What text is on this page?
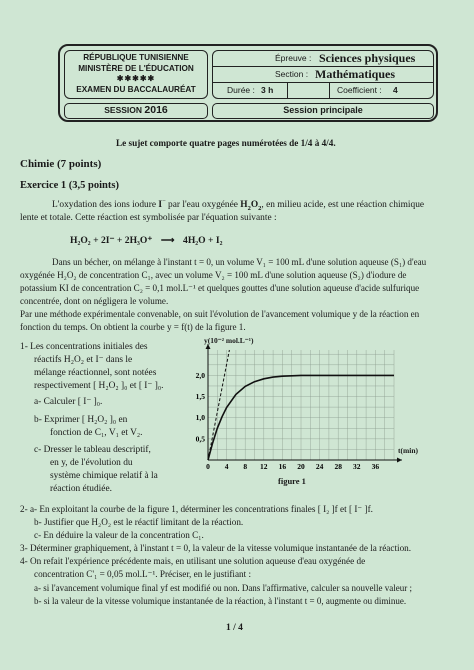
RÉPUBLIQUE TUNISIENNE
MINISTÈRE DE L'ÉDUCATION
✱✱✱✱✱
EXAMEN DU BACCALAURÉAT
Épreuve : Sciences physiques
Section : Mathématiques
Durée : 3 h	Coefficient : 4
SESSION 2016	Session principale
Le sujet comporte quatre pages numérotées de 1/4 à 4/4.
Chimie (7 points)
Exercice 1 (3,5 points)
L'oxydation des ions iodure I− par l'eau oxygénée $H_2O_2$, en milieu acide, est une réaction chimique
lente et totale. Cette réaction est symbolisée par l'équation suivante :
H₂O₂ + 2I⁻ + 2H₃O⁺ ⟶ 4H₂O + I₂
Dans un bécher, on mélange à l'instant t = 0, un volume V₁ = 100 mL d'une solution aqueuse (S₁) d'eau
oxygénée H₂O₂ de concentration C₁, avec un volume V₂ = 100 mL d'une solution aqueuse (S₂) d'iodure de
potassium KI de concentration C₂ = 0,1 mol.L⁻¹ et quelques gouttes d'une solution aqueuse d'acide sulfurique
concentrée, dont on négligera le volume.
Par une méthode expérimentale convenable, on suit l'évolution de l'avancement volumique y de la réaction en
fonction du temps. On obtient la courbe y = f(t) de la figure 1.
1- Les concentrations initiales des
réactifs H₂O₂ et I⁻ dans le
mélange réactionnel, sont notées
respectivement [ H₂O₂ ]₀ et [ I⁻ ]₀.
a- Calculer [ I⁻ ]₀.
b- Exprimer [ H₂O₂ ]₀ en
fonction de C₁, V₁ et V₂.
c- Dresser le tableau descriptif,
en y, de l'évolution du
système chimique relatif à la
réaction étudiée.
0 4 8 12 16 20 24 28 32 36
0,5
1,0
1,5
2,0
y(10⁻² mol.L⁻¹)
t(min)
figure 1
2- a- En exploitant la courbe de la figure 1, déterminer les concentrations finales [ I₂ ]f et [ I⁻ ]f.
b- Justifier que H₂O₂ est le réactif limitant de la réaction.
c- En déduire la valeur de la concentration C₁.
3- Déterminer graphiquement, à l'instant t = 0, la valeur de la vitesse volumique instantanée de la réaction.
4- On refait l'expérience précédente mais, en utilisant une solution aqueuse d'eau oxygénée de
concentration C'₁ = 0,05 mol.L⁻¹. Préciser, en le justifiant :
a- si l'avancement volumique final yf est modifié ou non. Dans l'affirmative, calculer sa nouvelle valeur ;
b- si la valeur de la vitesse volumique instantanée de la réaction, à l'instant t = 0, augmente ou diminue.
1 / 4
